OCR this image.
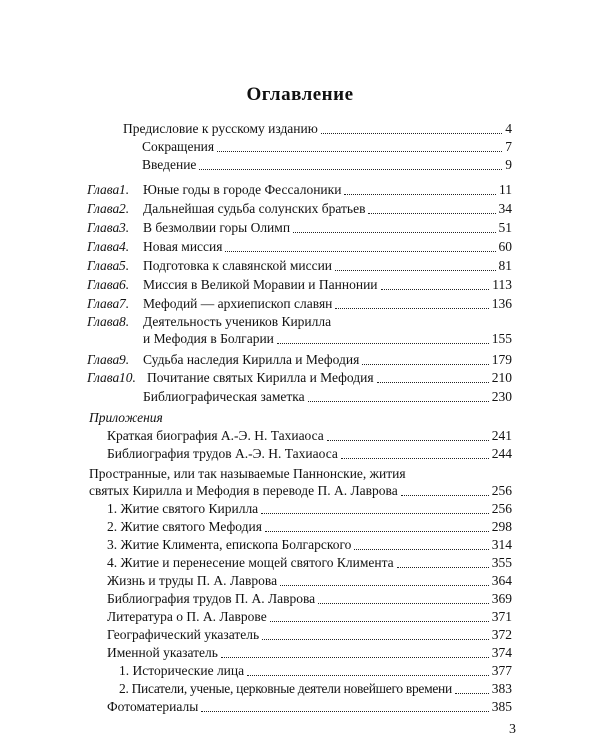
Оглавление
Предисловие к русскому изданию	4
Сокращения	7
Введение	9
Глава 1.	Юные годы в городе Фессалоники	11
Глава 2.	Дальнейшая судьба солунских братьев	34
Глава 3.	В безмолвии горы Олимп	51
Глава 4.	Новая миссия	60
Глава 5.	Подготовка к славянской миссии	81
Глава 6.	Миссия в Великой Моравии и Паннонии	113
Глава 7.	Мефодий — архиепископ славян	136
Глава 8.	Деятельность учеников Кирилла
и Мефодия в Болгарии	155
Глава 9.	Судьба наследия Кирилла и Мефодия	179
Глава 10. Почитание святых Кирилла и Мефодия	210
Библиографическая заметка	230
Приложения
Краткая биография А.-Э. Н. Тахиаоса	241
Библиография трудов А.-Э. Н. Тахиаоса	244
Пространные, или так называемые Паннонские, жития
святых Кирилла и Мефодия в переводе П. А. Лаврова	256
1. Житие святого Кирилла	256
2. Житие святого Мефодия	298
3. Житие Климента, епископа Болгарского	314
4. Житие и перенесение мощей святого Климента	355
Жизнь и труды П. А. Лаврова	364
Библиография трудов П. А. Лаврова	369
Литература о П. А. Лаврове	371
Географический указатель	372
Именной указатель	374
1. Исторические лица	377
2. Писатели, ученые, церковные деятели новейшего времени	383
Фотоматериалы	385
3
